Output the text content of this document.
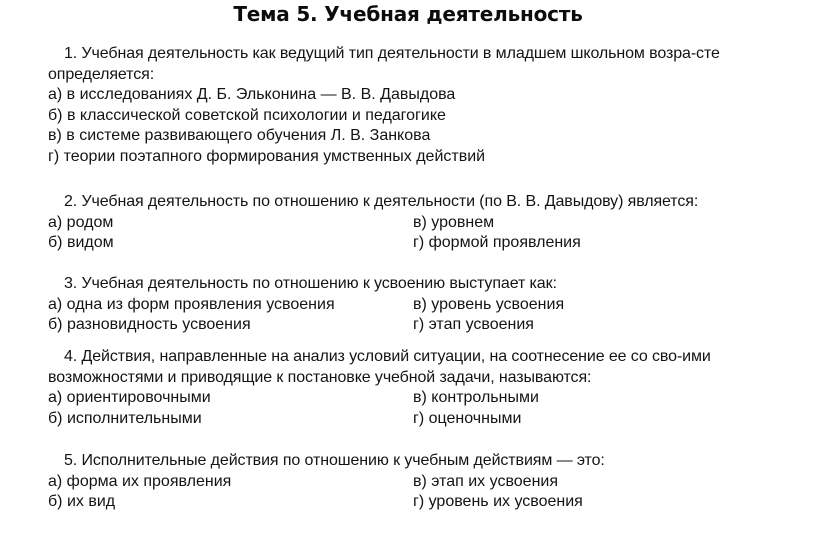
Тема 5. Учебная деятельность
1. Учебная деятельность как ведущий тип деятельности в младшем школьном возра-сте определяется:
а) в исследованиях Д. Б. Эльконина — В. В. Давыдова
б) в классической советской психологии и педагогике
в) в системе развивающего обучения Л. В. Занкова
г) теории поэтапного формирования умственных действий
2. Учебная деятельность по отношению к деятельности (по В. В. Давыдову) является:
а) родом	в) уровнем
б) видом	г) формой проявления
3. Учебная деятельность по отношению к усвоению выступает как:
а) одна из форм проявления усвоения	в) уровень усвоения
б) разновидность усвоения	г) этап усвоения
4. Действия, направленные на анализ условий ситуации, на соотнесение ее со сво-ими возможностями и приводящие к постановке учебной задачи, называются:
а) ориентировочными	в) контрольными
б) исполнительными	г) оценочными
5. Исполнительные действия по отношению к учебным действиям — это:
а) форма их проявления	в) этап их усвоения
б) их вид	г) уровень их усвоения
